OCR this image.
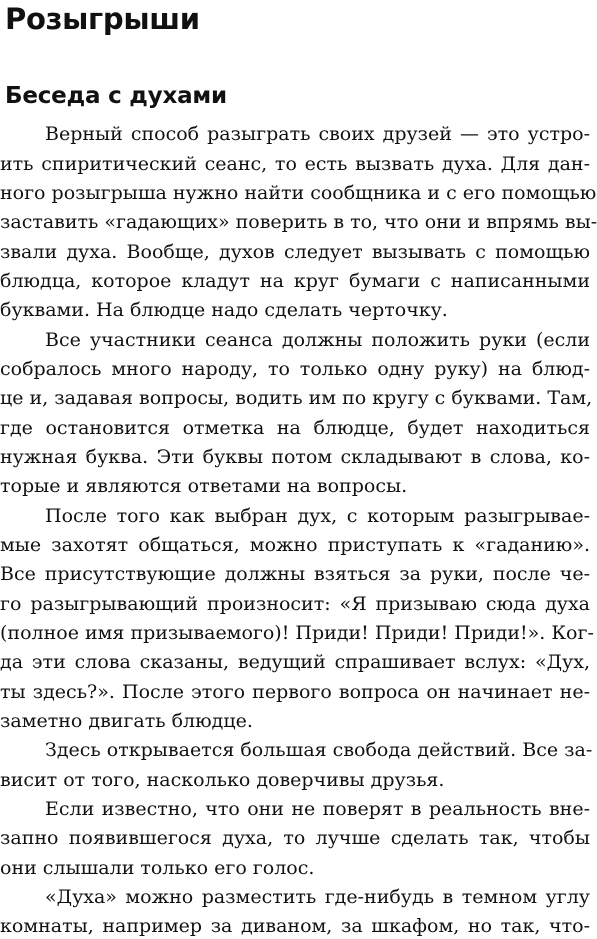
Розыгрыши
Беседа с духами

Верный способ разыграть своих друзей — это устро-

ить спиритический сеанс, то есть вызвать духа. Для дан-

ного розыгрыша нужно найти сообщника и с его помощью

заставить «гадающих» поверить в то, что они и впрямь вы-

звали духа. Вообще, духов следует вызывать с помощью

блюдца, которое кладут на круг бумаги с написанными

буквами. На блюдце надо сделать черточку.

Все участники сеанса должны положить руки (если

собралось много народу, то только одну руку) на блюд-

це и, задавая вопросы, водить им по кругу с буквами. Там,

где остановится отметка на блюдце, будет находиться

нужная буква. Эти буквы потом складывают в слова, ко-

торые и являются ответами на вопросы.

После того как выбран дух, с которым разыгрывае-

мые захотят общаться, можно приступать к «гаданию».

Все присутствующие должны взяться за руки, после че-

го разыгрывающий произносит: «Я призываю сюда духа

(полное имя призываемого)! Приди! Приди! Приди!». Ког-

да эти слова сказаны, ведущий спрашивает вслух: «Дух,

ты здесь?». После этого первого вопроса он начинает не-

заметно двигать блюдце.

Здесь открывается большая свобода действий. Все за-

висит от того, насколько доверчивы друзья.

Если известно, что они не поверят в реальность вне-

запно появившегося духа, то лучше сделать так, чтобы

они слышали только его голос.

«Духа» можно разместить где-нибудь в темном углу

комнаты, например за диваном, за шкафом, но так, что-
